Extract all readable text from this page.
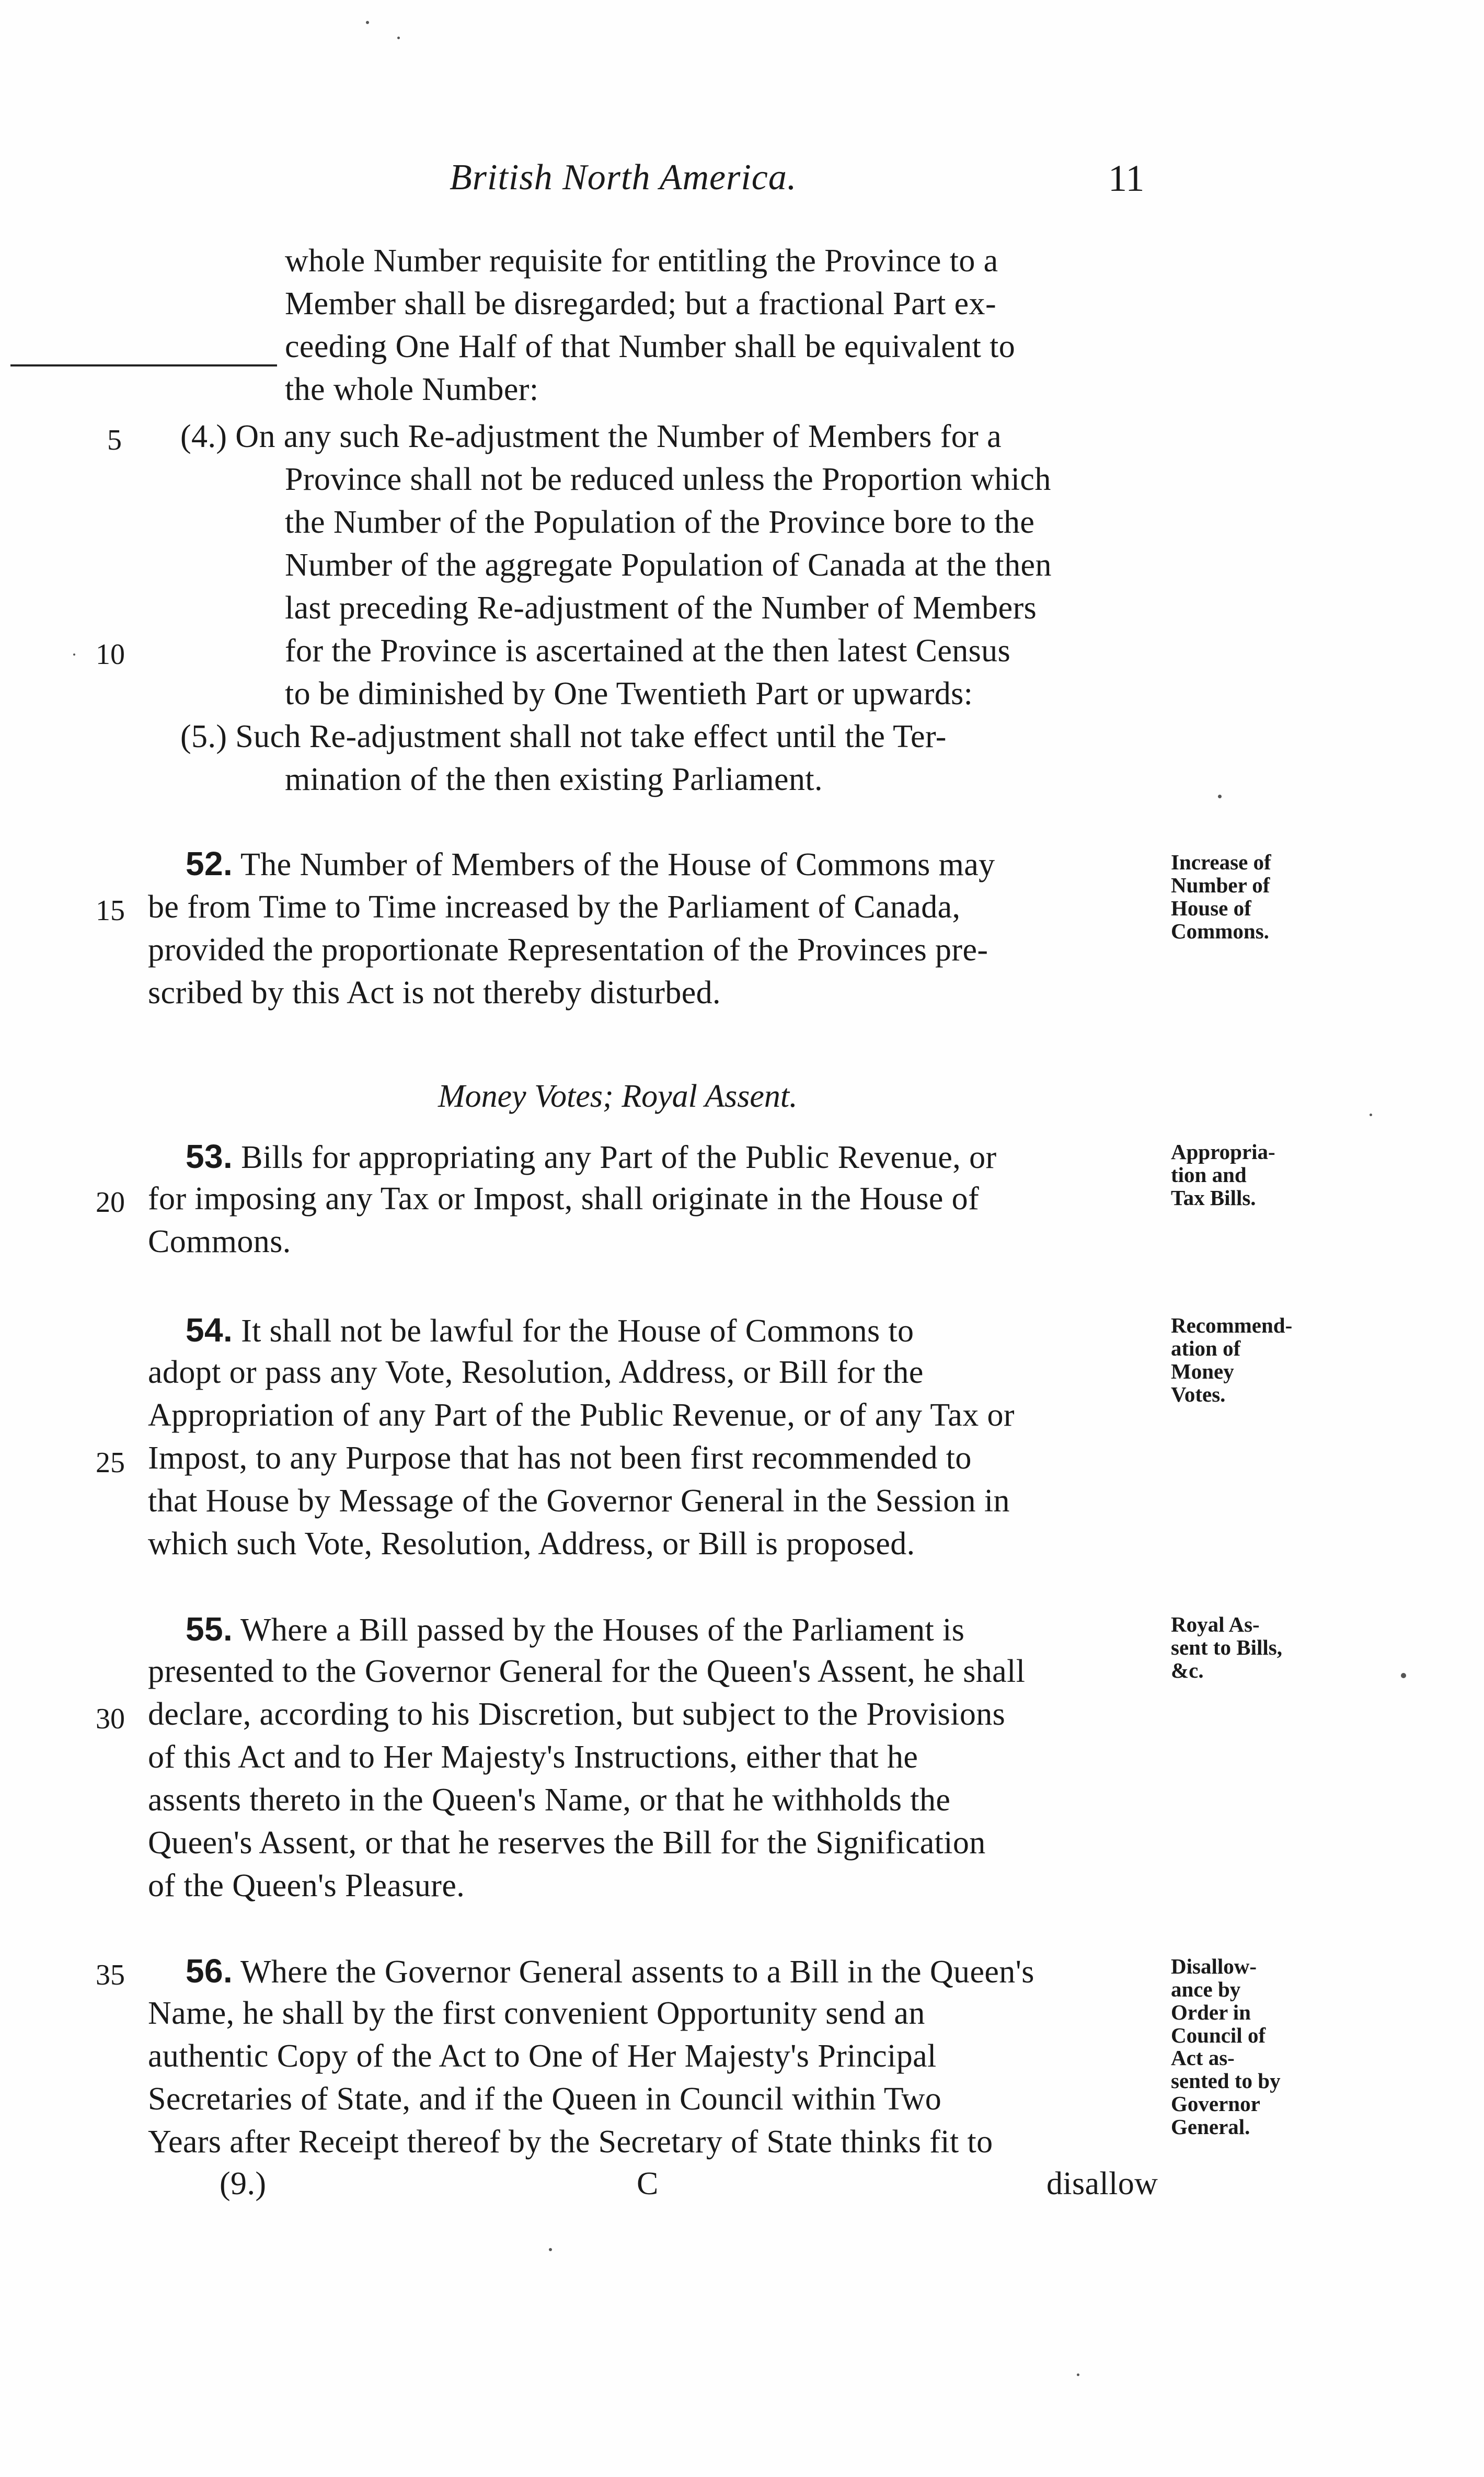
British North America.	11
whole Number requisite for entitling the Province to a
Member shall be disregarded; but a fractional Part ex-
ceeding One Half of that Number shall be equivalent to
the whole Number:
5 (4.) On any such Re-adjustment the Number of Members for a
Province shall not be reduced unless the Proportion which
the Number of the Population of the Province bore to the
Number of the aggregate Population of Canada at the then
last preceding Re-adjustment of the Number of Members
10	for the Province is ascertained at the then latest Census
to be diminished by One Twentieth Part or upwards:
(5.) Such Re-adjustment shall not take effect until the Ter-
mination of the then existing Parliament.
52. The Number of Members of the House of Commons may
15 be from Time to Time increased by the Parliament of Canada,
provided the proportionate Representation of the Provinces pre-
scribed by this Act is not thereby disturbed.
Increase of
Number of
House of
Commons.
Money Votes; Royal Assent.
53. Bills for appropriating any Part of the Public Revenue, or
20 for imposing any Tax or Impost, shall originate in the House of
Commons.
Appropria-
tion and
Tax Bills.
54. It shall not be lawful for the House of Commons to
adopt or pass any Vote, Resolution, Address, or Bill for the
Appropriation of any Part of the Public Revenue, or of any Tax or
25 Impost, to any Purpose that has not been first recommended to
that House by Message of the Governor General in the Session in
which such Vote, Resolution, Address, or Bill is proposed.
Recommend-
ation of
Money
Votes.
55. Where a Bill passed by the Houses of the Parliament is
presented to the Governor General for the Queen's Assent, he shall
30 declare, according to his Discretion, but subject to the Provisions
of this Act and to Her Majesty's Instructions, either that he
assents thereto in the Queen's Name, or that he withholds the
Queen's Assent, or that he reserves the Bill for the Signification
of the Queen's Pleasure.
Royal As-
sent to Bills,
&c.
35 56. Where the Governor General assents to a Bill in the Queen's
Name, he shall by the first convenient Opportunity send an
authentic Copy of the Act to One of Her Majesty's Principal
Secretaries of State, and if the Queen in Council within Two
Years after Receipt thereof by the Secretary of State thinks fit to
Disallow-
ance by
Order in
Council of
Act as-
sented to by
Governor
General.
(9.)	C	disallow
